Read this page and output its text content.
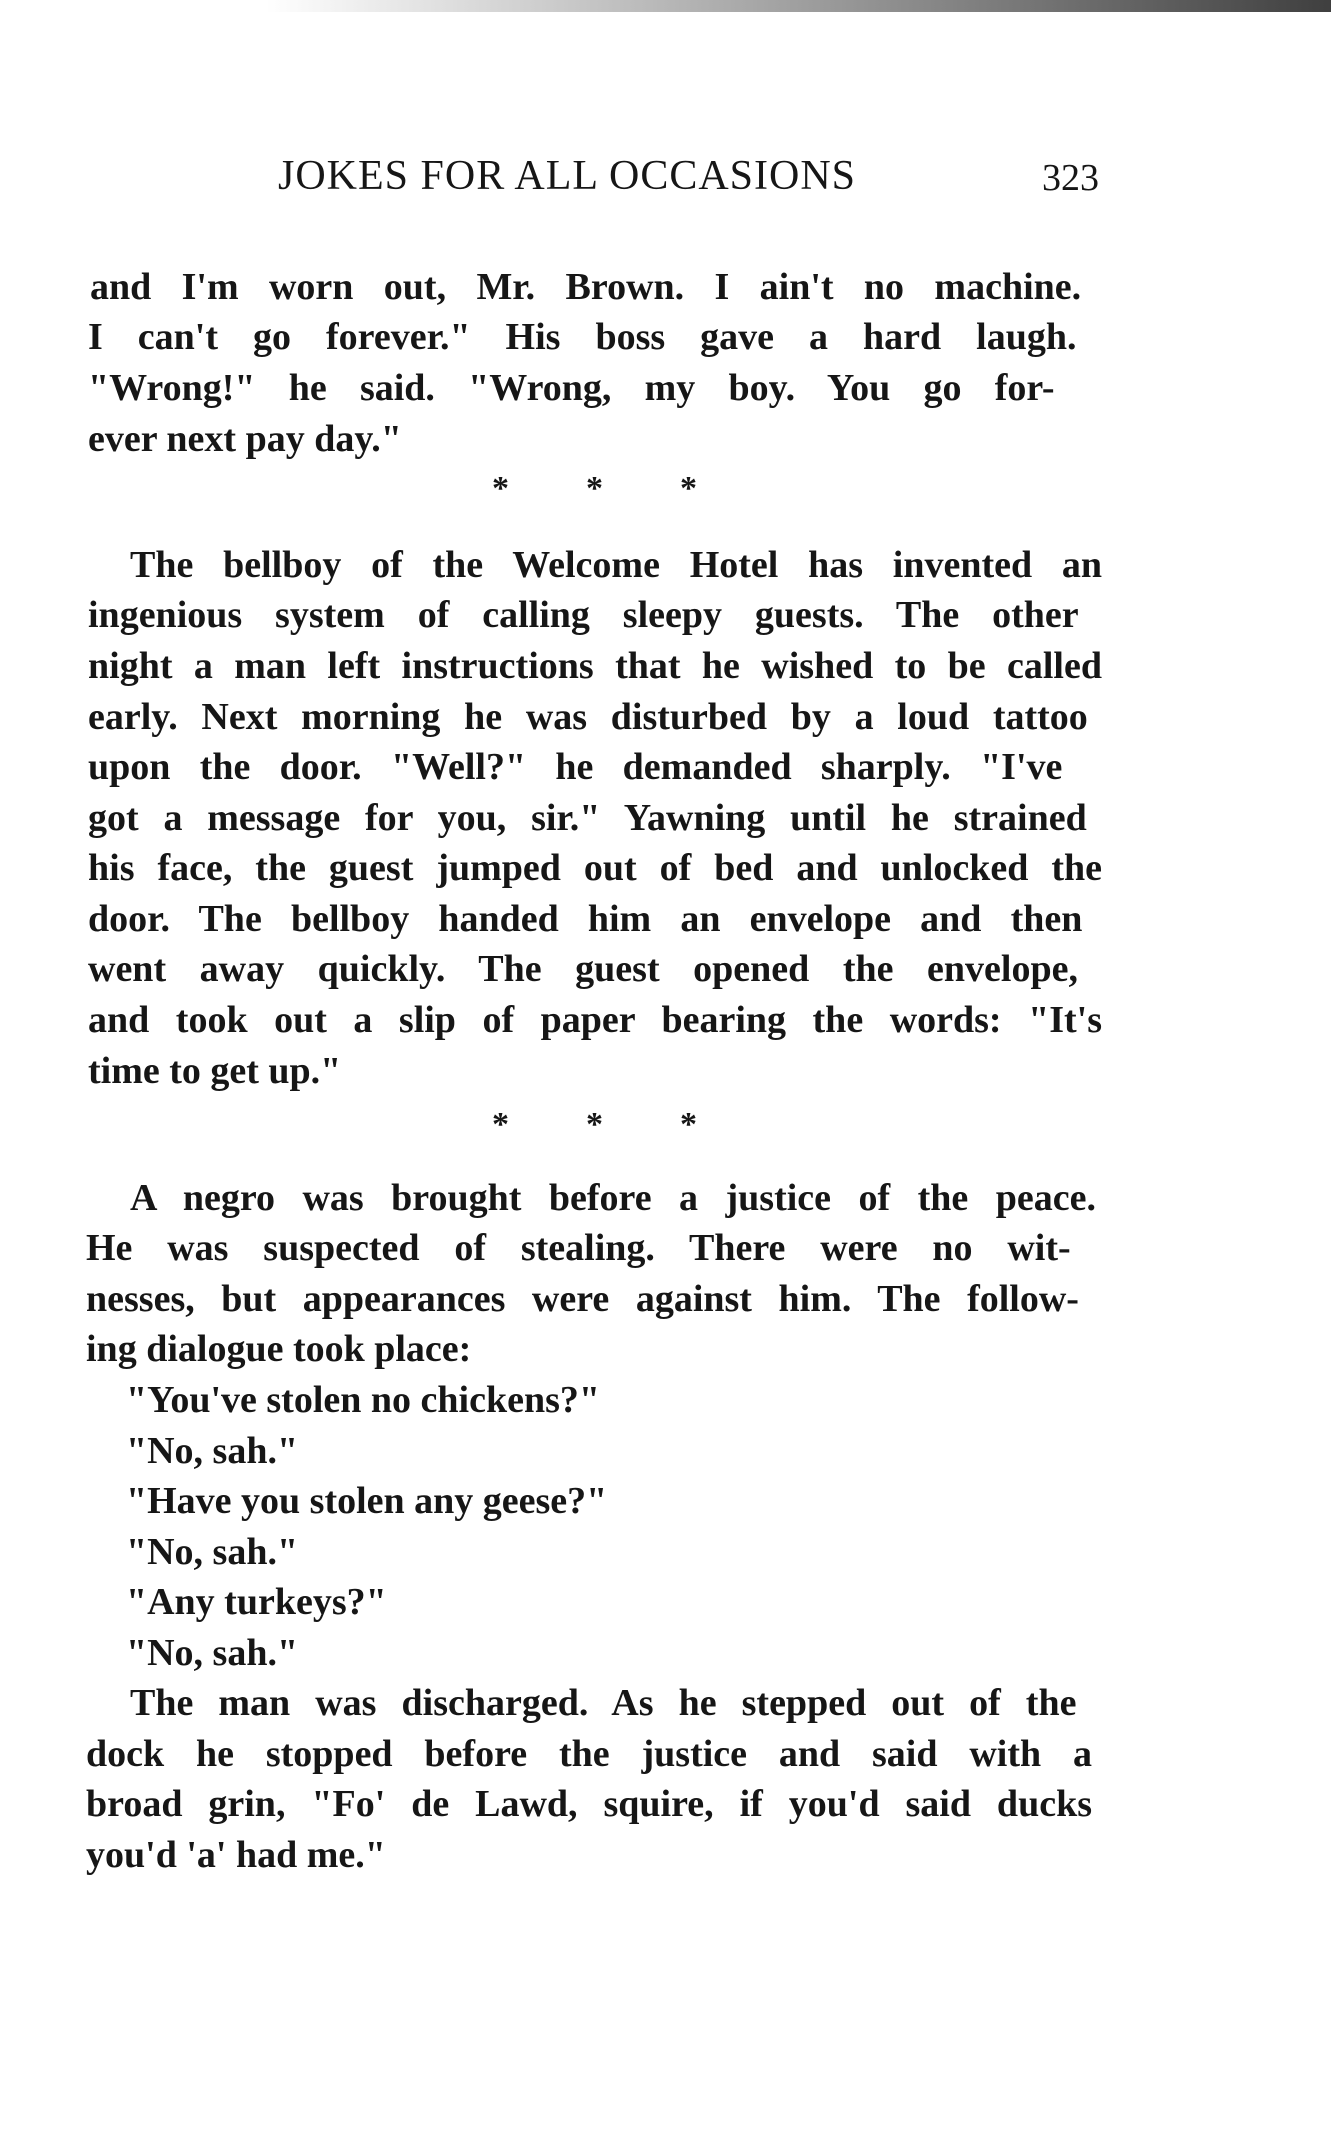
JOKES FOR ALL OCCASIONS	323
and I'm worn out, Mr. Brown. I ain't no machine.
I can't go forever." His boss gave a hard laugh.
"Wrong!" he said. "Wrong, my boy. You go for-
ever next pay day."
* * *
The bellboy of the Welcome Hotel has invented an
ingenious system of calling sleepy guests. The other
night a man left instructions that he wished to be called
early. Next morning he was disturbed by a loud tattoo
upon the door. "Well?" he demanded sharply. "I've
got a message for you, sir." Yawning until he strained
his face, the guest jumped out of bed and unlocked the
door. The bellboy handed him an envelope and then
went away quickly. The guest opened the envelope,
and took out a slip of paper bearing the words: "It's
time to get up."
* * *
A negro was brought before a justice of the peace.
He was suspected of stealing. There were no wit-
nesses, but appearances were against him. The follow-
ing dialogue took place:
"You've stolen no chickens?"
"No, sah."
"Have you stolen any geese?"
"No, sah."
"Any turkeys?"
"No, sah."
The man was discharged. As he stepped out of the
dock he stopped before the justice and said with a
broad grin, "Fo' de Lawd, squire, if you'd said ducks
you'd 'a' had me."
